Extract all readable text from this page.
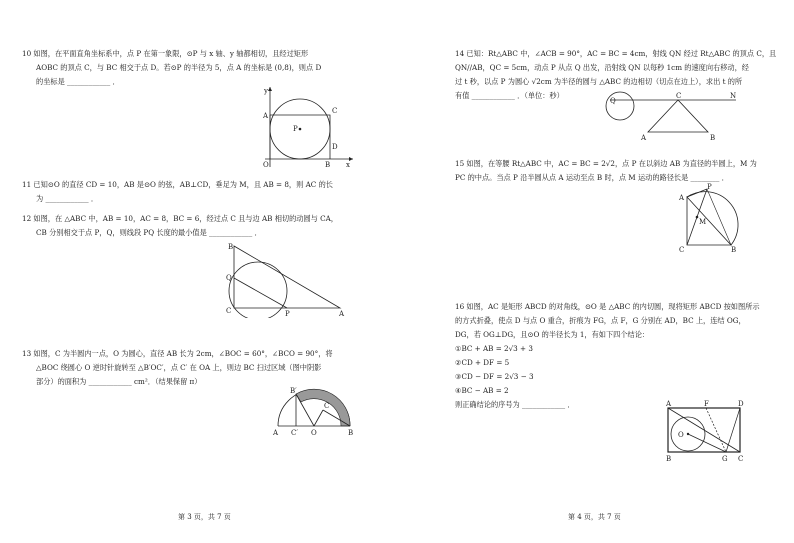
10 如图，在平面直角坐标系中，点 P 在第一象限，⊙P 与 x 轴、y 轴都相切，且经过矩形
AOBC 的顶点 C，与 BC 相交于点 D。若⊙P 的半径为 5，点 A 的坐标是 (0,8)，则点 D
的坐标是 ____________ ．
y
A
C
P
D
O	B x
11 已知⊙O 的直径 CD = 10，AB 是⊙O 的弦，AB⊥CD，垂足为 M，且 AB = 8，则 AC 的长
为 ____________ ．
12 如图，在 △ABC 中，AB = 10，AC = 8，BC = 6，经过点 C 且与边 AB 相切的动圆与 CA，
CB 分别相交于点 P，Q，则线段 PQ 长度的最小值是 ____________ ．
B
Q
C	P	A
13 如图，C 为半圆内一点，O 为圆心，直径 AB 长为 2cm，∠BOC = 60°，∠BCO = 90°，将
△BOC 绕圆心 O 逆时针旋转至 △B′OC′，点 C′ 在 OA 上，则边 BC 扫过区域（图中阴影
部分）的面积为 ____________ cm²．（结果保留 π）
B′
C
A C′ O	B
第 3 页，共 7 页
14 已知：Rt△ABC 中，∠ACB = 90°，AC = BC = 4cm，射线 QN 经过 Rt△ABC 的顶点 C，且
QN//AB，QC = 5cm，动点 P 从点 Q 出发，沿射线 QN 以每秒 1cm 的速度向右移动，经
过 t 秒，以点 P 为圆心 √2cm 为半径的圆与 △ABC 的边相切（切点在边上），求出 t 的所
有值 ____________ ．（单位：秒）
Q
C	N
A	B
15 如图，在等腰 Rt△ABC 中，AC = BC = 2√2，点 P 在以斜边 AB 为直径的半圆上，M 为
PC 的中点。当点 P 沿半圆从点 A 运动至点 B 时，点 M 运动的路径长是 ________ ．
P
A
M
C	B
16 如图，AC 是矩形 ABCD 的对角线，⊙O 是 △ABC 的内切圆，现将矩形 ABCD 按如图所示
的方式折叠，使点 D 与点 O 重合，折痕为 FG，点 F，G 分别在 AD，BC 上，连结 OG，
DG，若 OG⊥DG，且⊙O 的半径长为 1，有如下四个结论：
①BC + AB = 2√3 + 3
②CD + DF = 5
③CD − DF = 2√3 − 3
④BC − AB = 2
则正确结论的序号为 ____________ ．	A	F	D
O
B	G C
第 4 页，共 7 页
